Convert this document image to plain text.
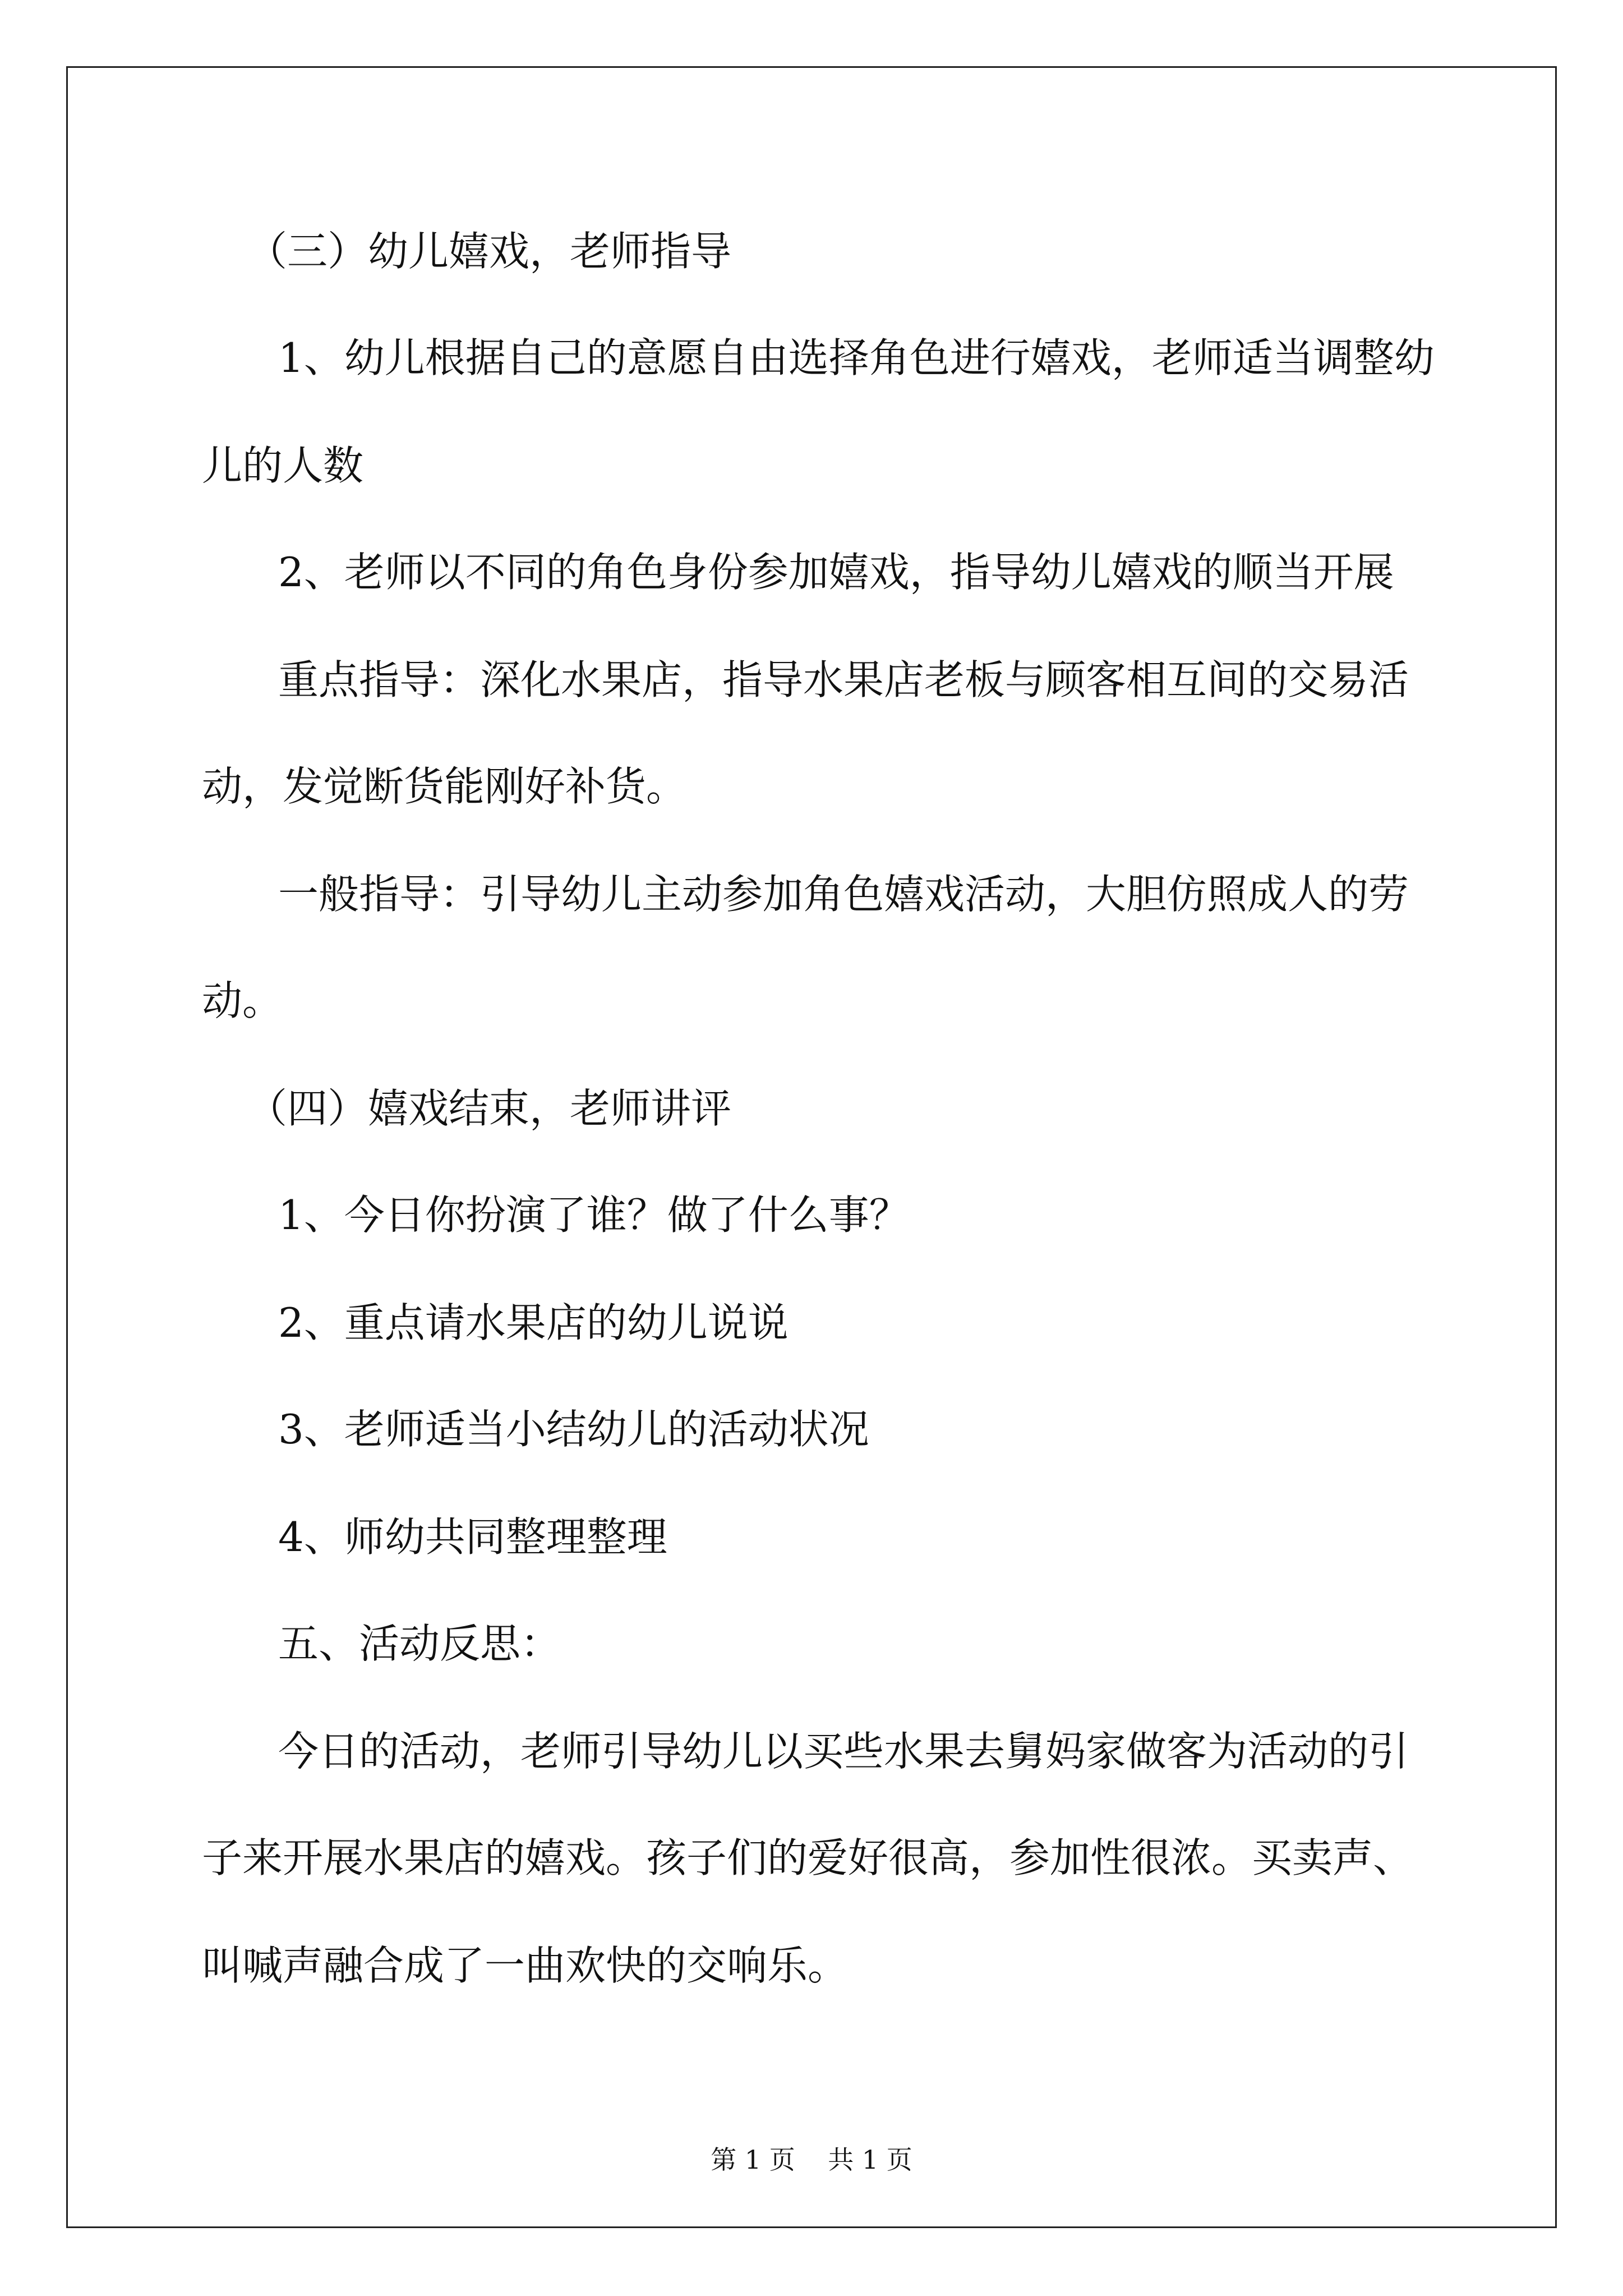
（三）幼儿嬉戏，老师指导
1、幼儿根据自己的意愿自由选择角色进行嬉戏，老师适当调整幼
儿的人数
2、老师以不同的角色身份参加嬉戏，指导幼儿嬉戏的顺当开展
重点指导：深化水果店，指导水果店老板与顾客相互间的交易活
动，发觉断货能刚好补货。
一般指导：引导幼儿主动参加角色嬉戏活动，大胆仿照成人的劳
动。
（四）嬉戏结束，老师讲评
1、今日你扮演了谁？做了什么事？
2、重点请水果店的幼儿说说
3、老师适当小结幼儿的活动状况
4、师幼共同整理整理
五、活动反思：
今日的活动，老师引导幼儿以买些水果去舅妈家做客为活动的引
子来开展水果店的嬉戏。孩子们的爱好很高，参加性很浓。买卖声、
叫喊声融合成了一曲欢快的交响乐。
第 1 页    共 1 页
